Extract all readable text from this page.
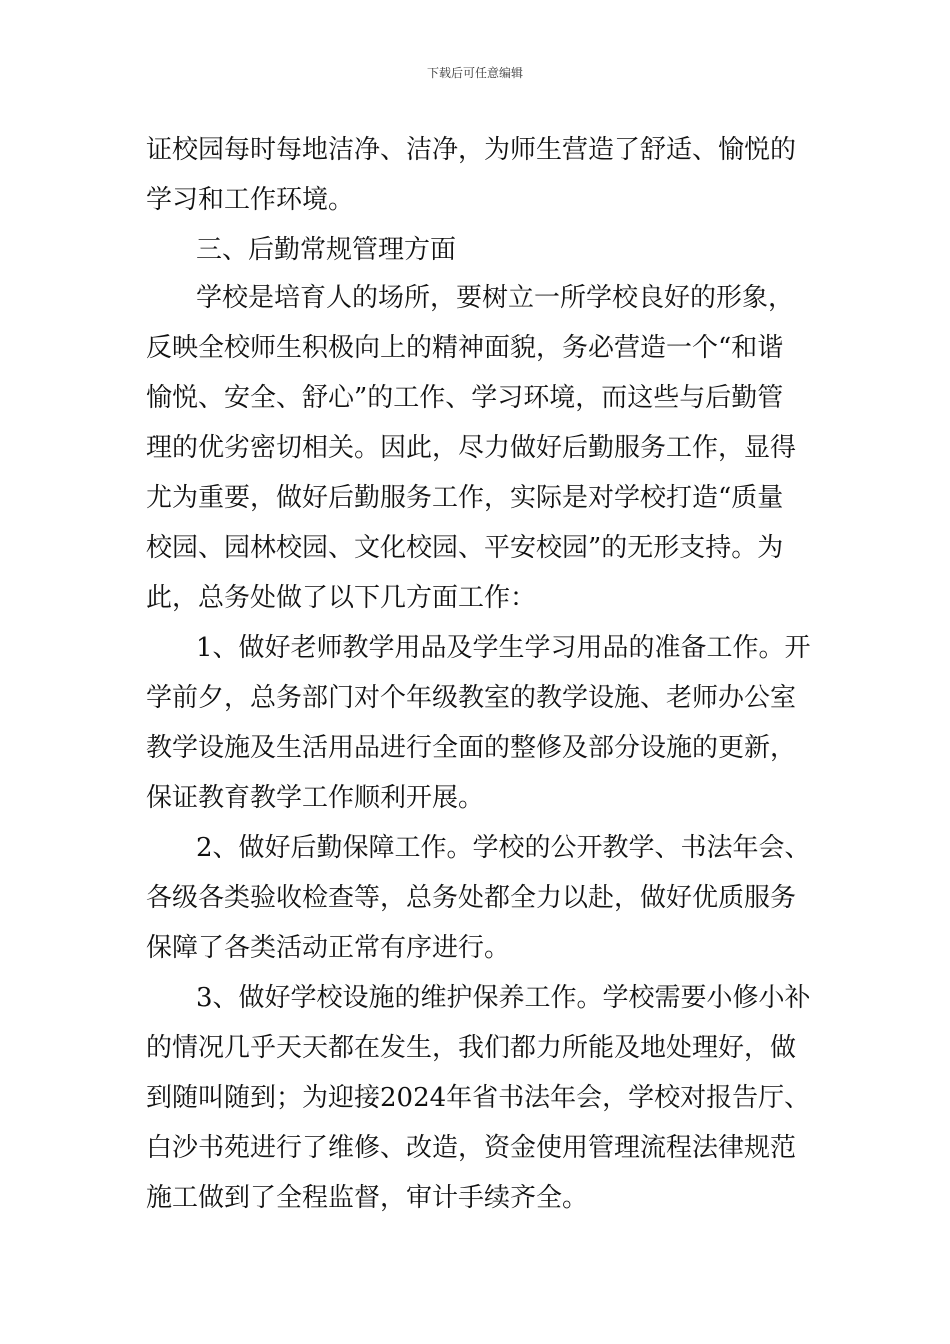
下载后可任意编辑
证校园每时每地洁净、洁净，为师生营造了舒适、愉悦的
学习和工作环境。
三、后勤常规管理方面
学校是培育人的场所，要树立一所学校良好的形象，
反映全校师生积极向上的精神面貌，务必营造一个“和谐
愉悦、安全、舒心”的工作、学习环境，而这些与后勤管
理的优劣密切相关。因此，尽力做好后勤服务工作，显得
尤为重要，做好后勤服务工作，实际是对学校打造“质量
校园、园林校园、文化校园、平安校园”的无形支持。为
此，总务处做了以下几方面工作：
1、做好老师教学用品及学生学习用品的准备工作。开
学前夕，总务部门对个年级教室的教学设施、老师办公室
教学设施及生活用品进行全面的整修及部分设施的更新，
保证教育教学工作顺利开展。
2、做好后勤保障工作。学校的公开教学、书法年会、
各级各类验收检查等，总务处都全力以赴，做好优质服务
保障了各类活动正常有序进行。
3、做好学校设施的维护保养工作。学校需要小修小补
的情况几乎天天都在发生，我们都力所能及地处理好，做
到随叫随到；为迎接2024年省书法年会，学校对报告厅、
白沙书苑进行了维修、改造，资金使用管理流程法律规范
施工做到了全程监督，审计手续齐全。
